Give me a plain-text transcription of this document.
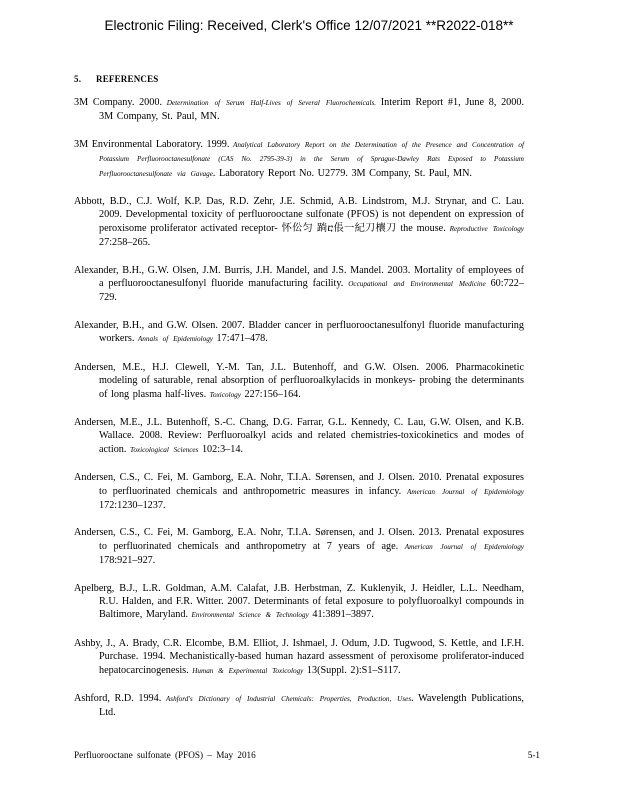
Electronic Filing: Received, Clerk's Office 12/07/2021 **R2022-018**
5. REFERENCES

3M Company. 2000. Determination of Serum Half-Lives of Several Fluorochemicals. Interim Report #1, June 8, 2000. 3M Company, St. Paul, MN.

3M Environmental Laboratory. 1999. Analytical Laboratory Report on the Determination of the Presence and Concentration of Potassium Perfluorooctanesulfonate (CAS No. 2795-39-3) in the Serum of Sprague-Dawley Rats Exposed to Potassium Perfluorooctanesulfonate via Gavage. Laboratory Report No. U2779. 3M Company, St. Paul, MN.

Abbott, B.D., C.J. Wolf, K.P. Das, R.D. Zehr, J.E. Schmid, A.B. Lindstrom, M.J. Strynar, and C. Lau. 2009. Developmental toxicity of perfluorooctane sulfonate (PFOS) is not dependent on expression of peroxisome proliferator activated receptor- 怀伀匀 䠀ⴀ倀一紀刀欀刀 the mouse. Reproductive Toxicology 27:258–265.

Alexander, B.H., G.W. Olsen, J.M. Burris, J.H. Mandel, and J.S. Mandel. 2003. Mortality of employees of a perfluorooctanesulfonyl fluoride manufacturing facility. Occupational and Environmental Medicine 60:722–729.

Alexander, B.H., and G.W. Olsen. 2007. Bladder cancer in perfluorooctanesulfonyl fluoride manufacturing workers. Annals of Epidemiology 17:471–478.

Andersen, M.E., H.J. Clewell, Y.-M. Tan, J.L. Butenhoff, and G.W. Olsen. 2006. Pharmacokinetic modeling of saturable, renal absorption of perfluoroalkylacids in monkeys- probing the determinants of long plasma half-lives. Toxicology 227:156–164.

Andersen, M.E., J.L. Butenhoff, S.-C. Chang, D.G. Farrar, G.L. Kennedy, C. Lau, G.W. Olsen, and K.B. Wallace. 2008. Review: Perfluoroalkyl acids and related chemistries-toxicokinetics and modes of action. Toxicological Sciences 102:3–14.

Andersen, C.S., C. Fei, M. Gamborg, E.A. Nohr, T.I.A. Sørensen, and J. Olsen. 2010. Prenatal exposures to perfluorinated chemicals and anthropometric measures in infancy. American Journal of Epidemiology 172:1230–1237.

Andersen, C.S., C. Fei, M. Gamborg, E.A. Nohr, T.I.A. Sørensen, and J. Olsen. 2013. Prenatal exposures to perfluorinated chemicals and anthropometry at 7 years of age. American Journal of Epidemiology 178:921–927.

Apelberg, B.J., L.R. Goldman, A.M. Calafat, J.B. Herbstman, Z. Kuklenyik, J. Heidler, L.L. Needham, R.U. Halden, and F.R. Witter. 2007. Determinants of fetal exposure to polyfluoroalkyl compounds in Baltimore, Maryland. Environmental Science & Technology 41:3891–3897.

Ashby, J., A. Brady, C.R. Elcombe, B.M. Elliot, J. Ishmael, J. Odum, J.D. Tugwood, S. Kettle, and I.F.H. Purchase. 1994. Mechanistically-based human hazard assessment of peroxisome proliferator-induced hepatocarcinogenesis. Human & Experimental Toxicology 13(Suppl. 2):S1–S117.

Ashford, R.D. 1994. Ashford's Dictionary of Industrial Chemicals: Properties, Production, Uses. Wavelength Publications, Ltd.

Perfluorooctane sulfonate (PFOS) – May 2016	5-1
